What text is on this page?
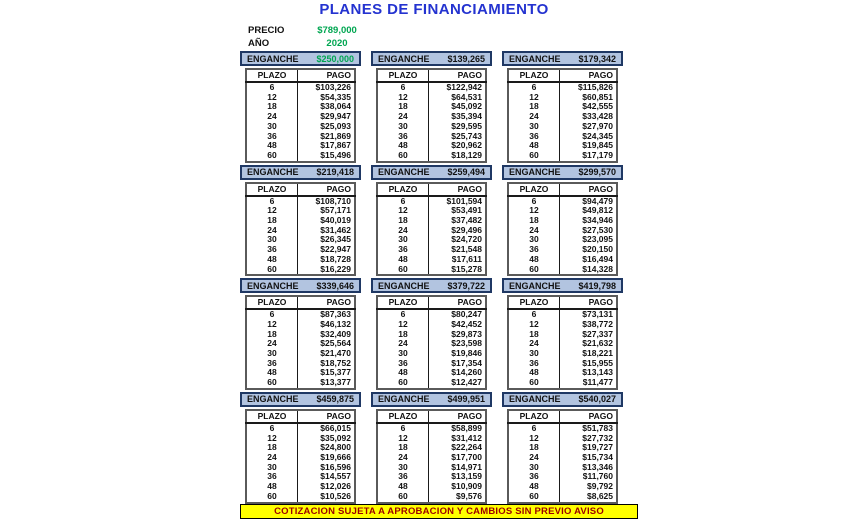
PLANES DE FINANCIAMIENTO
PRECIO	$789,000
AÑO	2020
ENGANCHE $250,000
PLAZO	PAGO
6	$103,226
12	$54,335
18	$38,064
24	$29,947
30	$25,093
36	$21,869
48	$17,867
60	$15,496
ENGANCHE $139,265
PLAZO	PAGO
6	$122,942
12	$64,531
18	$45,092
24	$35,394
30	$29,595
36	$25,743
48	$20,962
60	$18,129
ENGANCHE $179,342
PLAZO	PAGO
6	$115,826
12	$60,851
18	$42,555
24	$33,428
30	$27,970
36	$24,345
48	$19,845
60	$17,179
ENGANCHE $219,418
PLAZO	PAGO
6	$108,710
12	$57,171
18	$40,019
24	$31,462
30	$26,345
36	$22,947
48	$18,728
60	$16,229
ENGANCHE $259,494
PLAZO	PAGO
6	$101,594
12	$53,491
18	$37,482
24	$29,496
30	$24,720
36	$21,548
48	$17,611
60	$15,278
ENGANCHE $299,570
PLAZO	PAGO
6	$94,479
12	$49,812
18	$34,946
24	$27,530
30	$23,095
36	$20,150
48	$16,494
60	$14,328
ENGANCHE $339,646
PLAZO	PAGO
6	$87,363
12	$46,132
18	$32,409
24	$25,564
30	$21,470
36	$18,752
48	$15,377
60	$13,377
ENGANCHE $379,722
PLAZO	PAGO
6	$80,247
12	$42,452
18	$29,873
24	$23,598
30	$19,846
36	$17,354
48	$14,260
60	$12,427
ENGANCHE $419,798
PLAZO	PAGO
6	$73,131
12	$38,772
18	$27,337
24	$21,632
30	$18,221
36	$15,955
48	$13,143
60	$11,477
ENGANCHE $459,875
PLAZO	PAGO
6	$66,015
12	$35,092
18	$24,800
24	$19,666
30	$16,596
36	$14,557
48	$12,026
60	$10,526
ENGANCHE $499,951
PLAZO	PAGO
6	$58,899
12	$31,412
18	$22,264
24	$17,700
30	$14,971
36	$13,159
48	$10,909
60	$9,576
ENGANCHE $540,027
PLAZO	PAGO
6	$51,783
12	$27,732
18	$19,727
24	$15,734
30	$13,346
36	$11,760
48	$9,792
60	$8,625
COTIZACION SUJETA A APROBACION Y CAMBIOS SIN PREVIO AVISO
